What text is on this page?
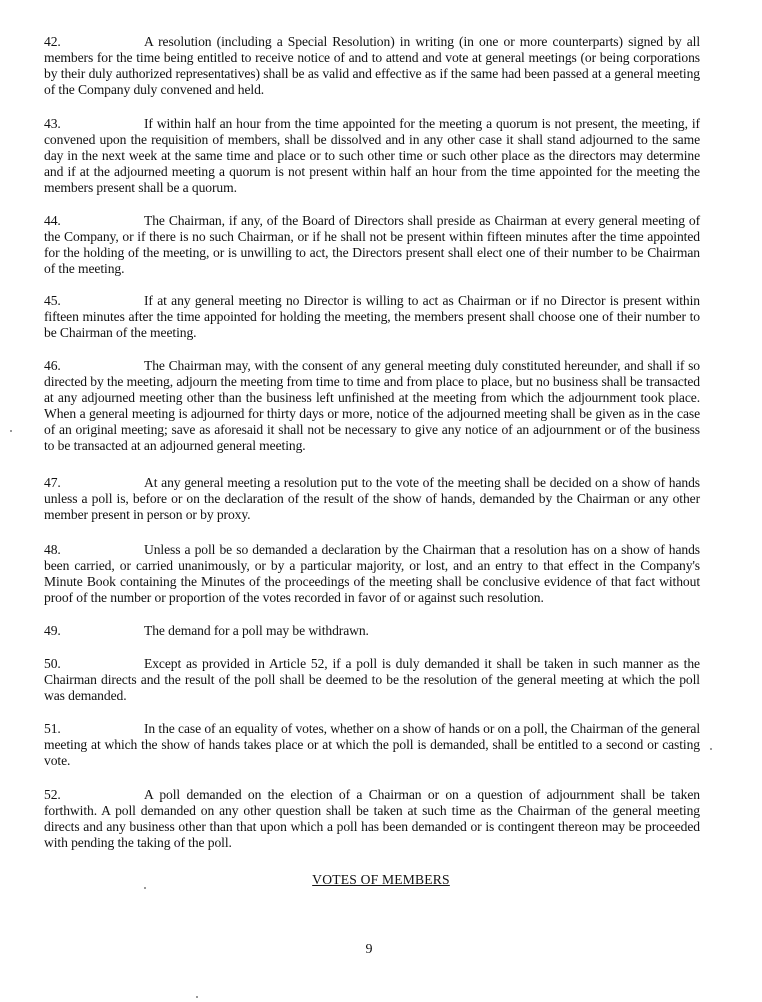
42.	A resolution (including a Special Resolution) in writing (in one or more counterparts) signed by all members for the time being entitled to receive notice of and to attend and vote at general meetings (or being corporations by their duly authorized representatives) shall be as valid and effective as if the same had been passed at a general meeting of the Company duly convened and held.
43.	If within half an hour from the time appointed for the meeting a quorum is not present, the meeting, if convened upon the requisition of members, shall be dissolved and in any other case it shall stand adjourned to the same day in the next week at the same time and place or to such other time or such other place as the directors may determine and if at the adjourned meeting a quorum is not present within half an hour from the time appointed for the meeting the members present shall be a quorum.
44.	The Chairman, if any, of the Board of Directors shall preside as Chairman at every general meeting of the Company, or if there is no such Chairman, or if he shall not be present within fifteen minutes after the time appointed for the holding of the meeting, or is unwilling to act, the Directors present shall elect one of their number to be Chairman of the meeting.
45.	If at any general meeting no Director is willing to act as Chairman or if no Director is present within fifteen minutes after the time appointed for holding the meeting, the members present shall choose one of their number to be Chairman of the meeting.
46.	The Chairman may, with the consent of any general meeting duly constituted hereunder, and shall if so directed by the meeting, adjourn the meeting from time to time and from place to place, but no business shall be transacted at any adjourned meeting other than the business left unfinished at the meeting from which the adjournment took place. When a general meeting is adjourned for thirty days or more, notice of the adjourned meeting shall be given as in the case of an original meeting; save as aforesaid it shall not be necessary to give any notice of an adjournment or of the business to be transacted at an adjourned general meeting.
47.	At any general meeting a resolution put to the vote of the meeting shall be decided on a show of hands unless a poll is, before or on the declaration of the result of the show of hands, demanded by the Chairman or any other member present in person or by proxy.
48.	Unless a poll be so demanded a declaration by the Chairman that a resolution has on a show of hands been carried, or carried unanimously, or by a particular majority, or lost, and an entry to that effect in the Company's Minute Book containing the Minutes of the proceedings of the meeting shall be conclusive evidence of that fact without proof of the number or proportion of the votes recorded in favor of or against such resolution.
49.	The demand for a poll may be withdrawn.
50.	Except as provided in Article 52, if a poll is duly demanded it shall be taken in such manner as the Chairman directs and the result of the poll shall be deemed to be the resolution of the general meeting at which the poll was demanded.
51.	In the case of an equality of votes, whether on a show of hands or on a poll, the Chairman of the general meeting at which the show of hands takes place or at which the poll is demanded, shall be entitled to a second or casting vote.
52.	A poll demanded on the election of a Chairman or on a question of adjournment shall be taken forthwith. A poll demanded on any other question shall be taken at such time as the Chairman of the general meeting directs and any business other than that upon which a poll has been demanded or is contingent thereon may be proceeded with pending the taking of the poll.
VOTES OF MEMBERS
9
